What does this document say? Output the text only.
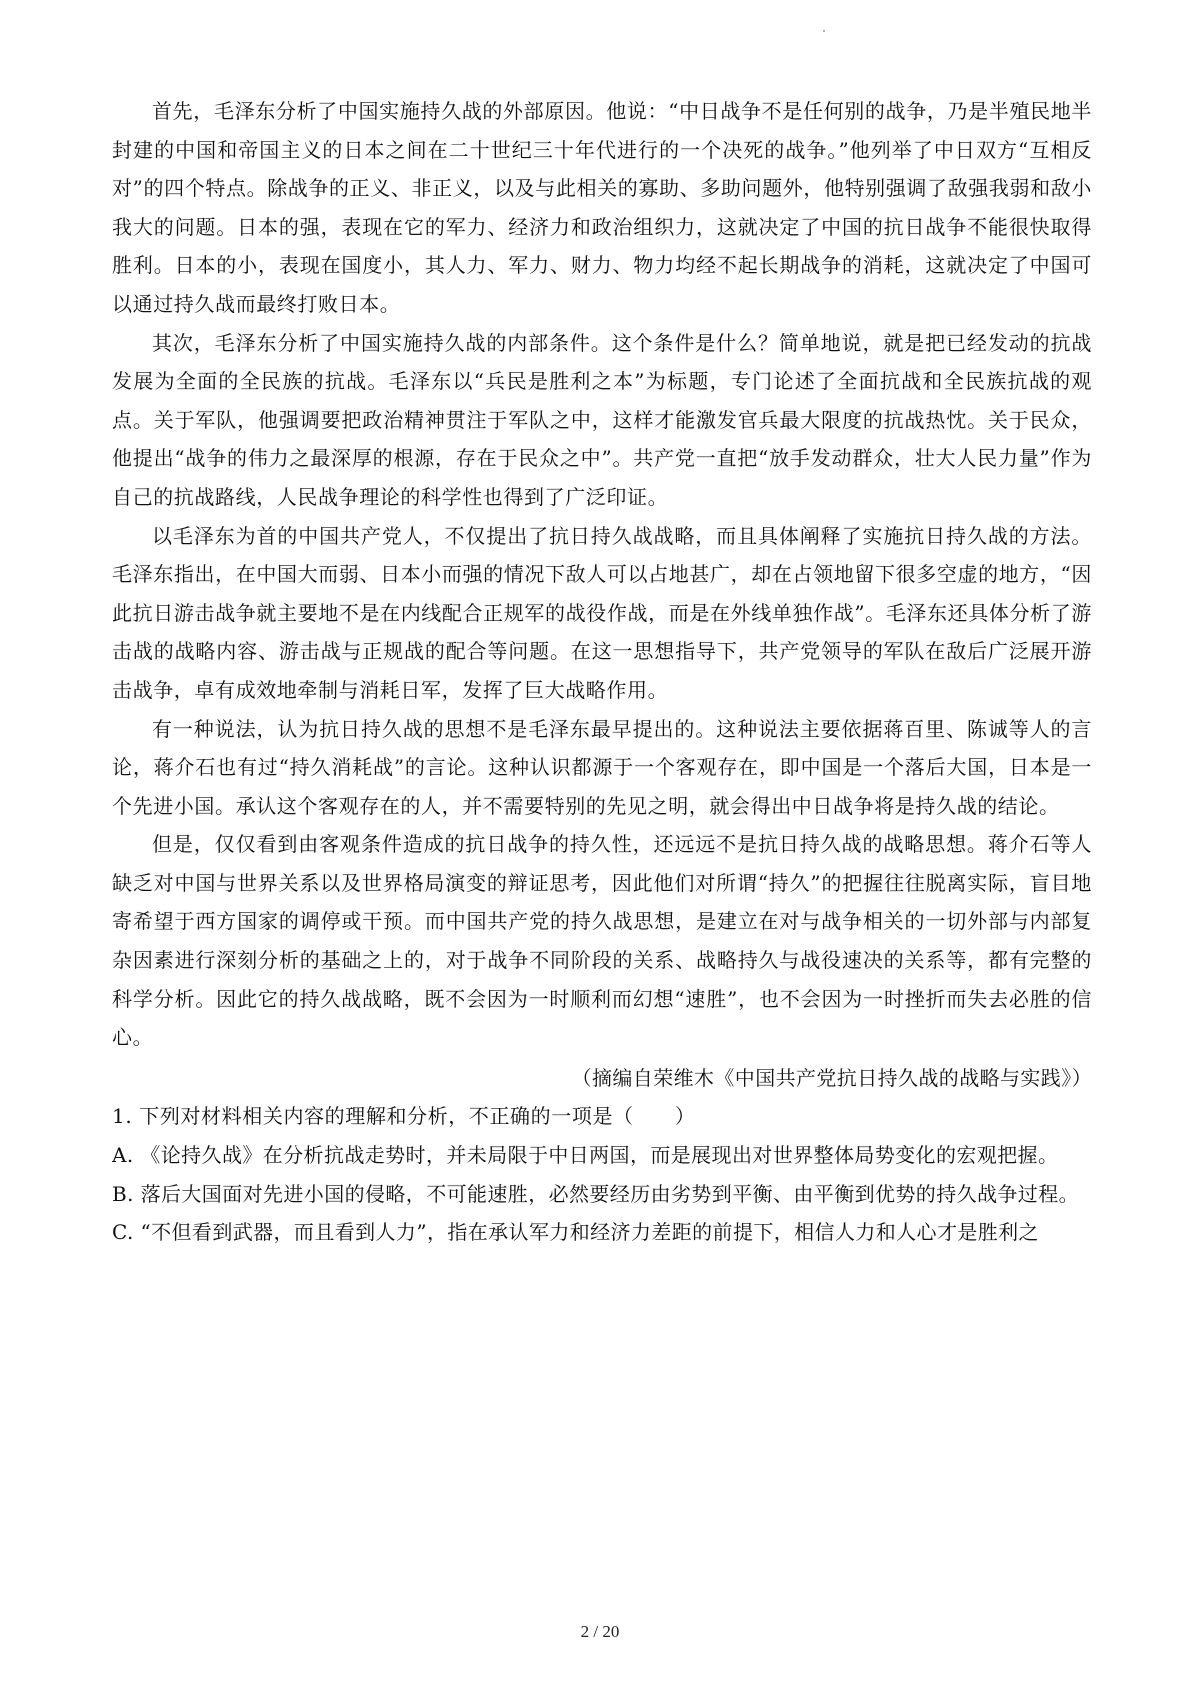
首先，毛泽东分析了中国实施持久战的外部原因。他说：“中日战争不是任何别的战争，乃是半殖民地半封建的中国和帝国主义的日本之间在二十世纪三十年代进行的一个决死的战争。”他列举了中日双方“互相反对”的四个特点。除战争的正义、非正义，以及与此相关的寡助、多助问题外，他特别强调了敌强我弱和敌小我大的问题。日本的强，表现在它的军力、经济力和政治组织力，这就决定了中国的抗日战争不能很快取得胜利。日本的小，表现在国度小，其人力、军力、财力、物力均经不起长期战争的消耗，这就决定了中国可以通过持久战而最终打败日本。

其次，毛泽东分析了中国实施持久战的内部条件。这个条件是什么？简单地说，就是把已经发动的抗战发展为全面的全民族的抗战。毛泽东以“兵民是胜利之本”为标题，专门论述了全面抗战和全民族抗战的观点。关于军队，他强调要把政治精神贯注于军队之中，这样才能激发官兵最大限度的抗战热忱。关于民众，他提出“战争的伟力之最深厚的根源，存在于民众之中”。共产党一直把“放手发动群众，壮大人民力量”作为自己的抗战路线，人民战争理论的科学性也得到了广泛印证。

以毛泽东为首的中国共产党人，不仅提出了抗日持久战战略，而且具体阐释了实施抗日持久战的方法。毛泽东指出，在中国大而弱、日本小而强的情况下敌人可以占地甚广，却在占领地留下很多空虚的地方，“因此抗日游击战争就主要地不是在内线配合正规军的战役作战，而是在外线单独作战”。毛泽东还具体分析了游击战的战略内容、游击战与正规战的配合等问题。在这一思想指导下，共产党领导的军队在敌后广泛展开游击战争，卓有成效地牵制与消耗日军，发挥了巨大战略作用。

有一种说法，认为抗日持久战的思想不是毛泽东最早提出的。这种说法主要依据蒋百里、陈诚等人的言论，蒋介石也有过“持久消耗战”的言论。这种认识都源于一个客观存在，即中国是一个落后大国，日本是一个先进小国。承认这个客观存在的人，并不需要特别的先见之明，就会得出中日战争将是持久战的结论。

但是，仅仅看到由客观条件造成的抗日战争的持久性，还远远不是抗日持久战的战略思想。蒋介石等人缺乏对中国与世界关系以及世界格局演变的辩证思考，因此他们对所谓“持久”的把握往往脱离实际，盲目地寄希望于西方国家的调停或干预。而中国共产党的持久战思想，是建立在对与战争相关的一切外部与内部复杂因素进行深刻分析的基础之上的，对于战争不同阶段的关系、战略持久与战役速决的关系等，都有完整的科学分析。因此它的持久战战略，既不会因为一时顺利而幻想“速胜”，也不会因为一时挫折而失去必胜的信心。

（摘编自荣维木《中国共产党抗日持久战的战略与实践》）

1. 下列对材料相关内容的理解和分析，不正确的一项是（　　）

A. 《论持久战》在分析抗战走势时，并未局限于中日两国，而是展现出对世界整体局势变化的宏观把握。

B. 落后大国面对先进小国的侵略，不可能速胜，必然要经历由劣势到平衡、由平衡到优势的持久战争过程。

C. “不但看到武器，而且看到人力”，指在承认军力和经济力差距的前提下，相信人力和人心才是胜利之

2 / 20
